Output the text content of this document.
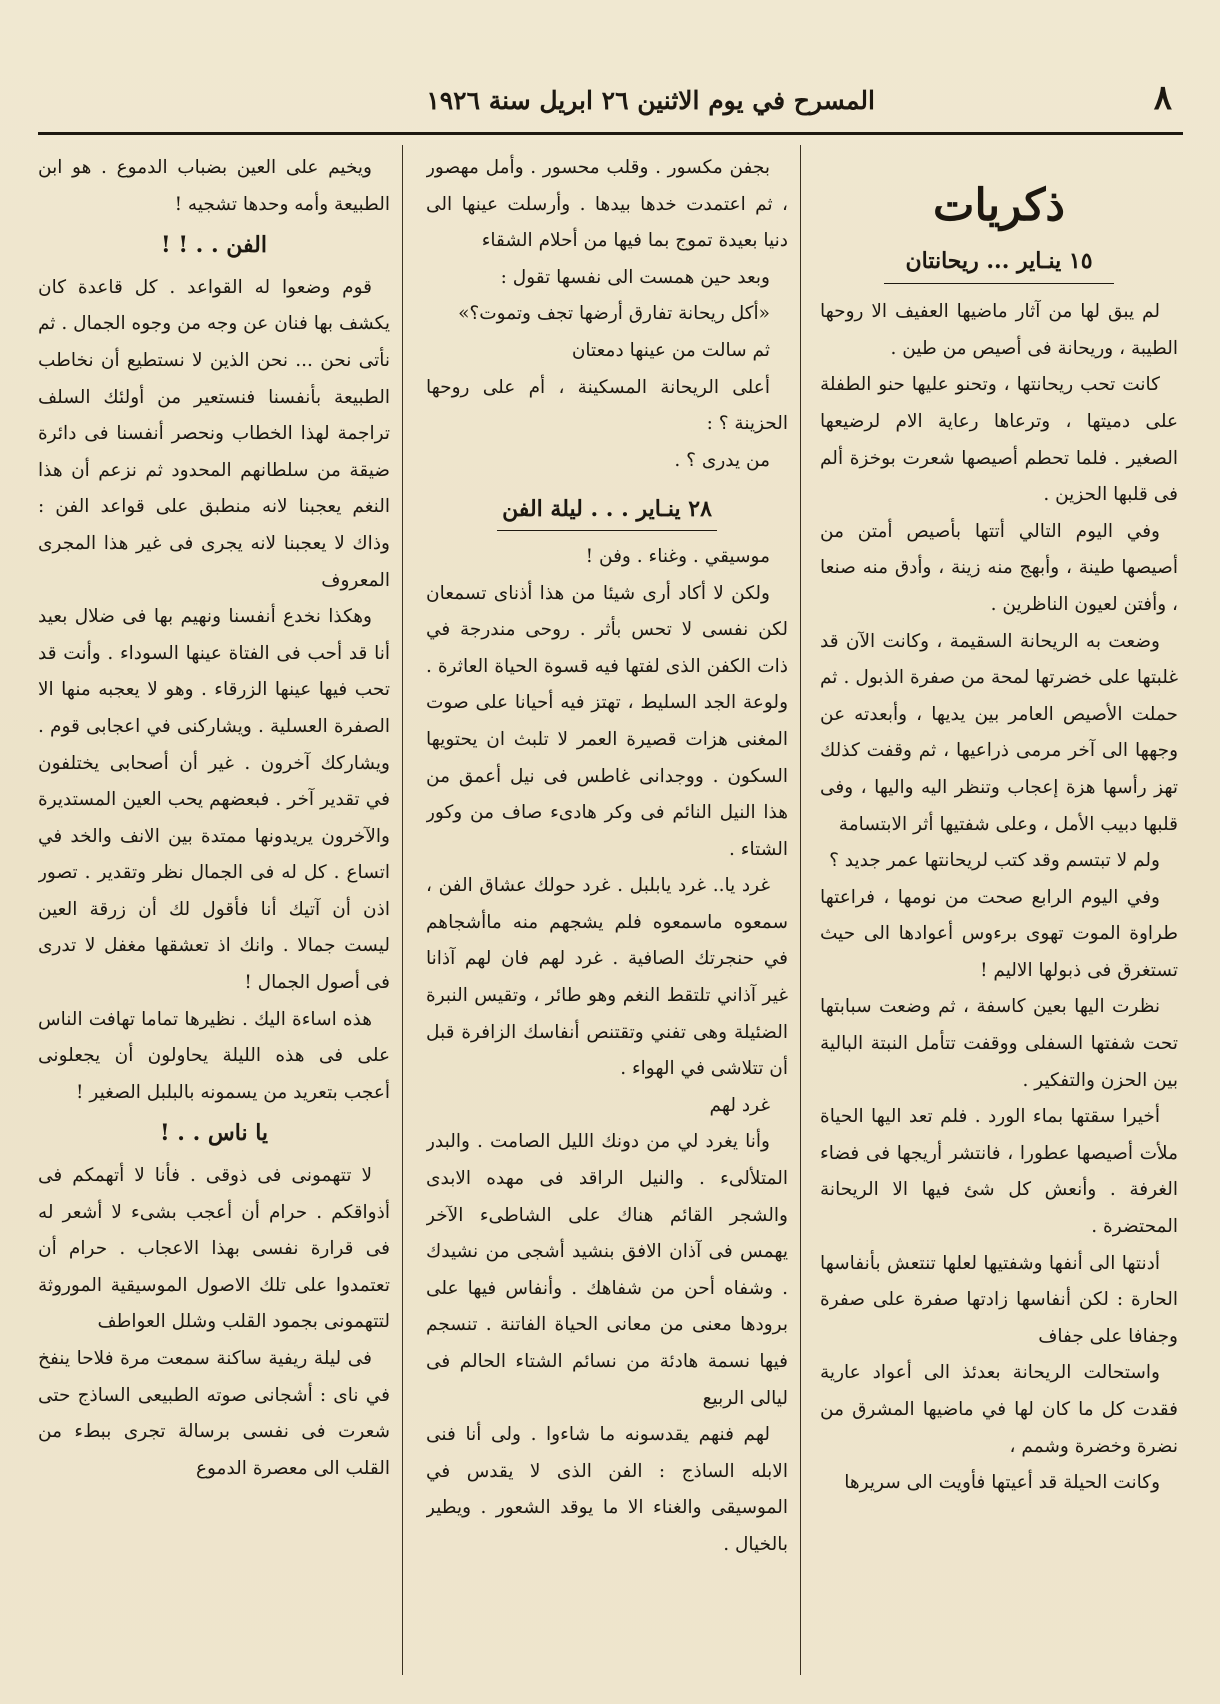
٨
المسرح في يوم الاثنين ٢٦ ابريل سنة ١٩٢٦
ذكريات
١٥ ينـاير ... ريحانتان

لم يبق لها من آثار ماضيها العفيف الا روحها الطيبة ، وريحانة فى أصيص من طين .

كانت تحب ريحانتها ، وتحنو عليها حنو الطفلة على دميتها ، وترعاها رعاية الام لرضيعها الصغير . فلما تحطم أصيصها شعرت بوخزة ألم فى قلبها الحزين .

وفي اليوم التالي أتتها بأصيص أمتن من أصيصها طينة ، وأبهج منه زينة ، وأدق منه صنعا ، وأفتن لعيون الناظرين .

وضعت به الريحانة السقيمة ، وكانت الآن قد غلبتها على خضرتها لمحة من صفرة الذبول . ثم حملت الأصيص العامر بين يديها ، وأبعدته عن وجهها الى آخر مرمى ذراعيها ، ثم وقفت كذلك تهز رأسها هزة إعجاب وتنظر اليه واليها ، وفى قلبها دبيب الأمل ، وعلى شفتيها أثر الابتسامة

ولم لا تبتسم وقد كتب لريحانتها عمر جديد ؟

وفي اليوم الرابع صحت من نومها ، فراعتها طراوة الموت تهوى برءوس أعوادها الى حيث تستغرق فى ذبولها الاليم !

نظرت اليها بعين كاسفة ، ثم وضعت سبابتها تحت شفتها السفلى ووقفت تتأمل النبتة البالية بين الحزن والتفكير .

أخيرا سقتها بماء الورد . فلم تعد اليها الحياة ملأت أصيصها عطورا ، فانتشر أريجها فى فضاء الغرفة . وأنعش كل شئ فيها الا الريحانة المحتضرة .

أدنتها الى أنفها وشفتيها لعلها تنتعش بأنفاسها الحارة : لكن أنفاسها زادتها صفرة على صفرة وجفافا على جفاف

واستحالت الريحانة بعدئذ الى أعواد عارية فقدت كل ما كان لها في ماضيها المشرق من نضرة وخضرة وشمم ،

وكانت الحيلة قد أعيتها فأويت الى سريرها

بجفن مكسور . وقلب محسور . وأمل مهصور ، ثم اعتمدت خدها بيدها . وأرسلت عينها الى دنيا بعيدة تموج بما فيها من أحلام الشقاء

وبعد حين همست الى نفسها تقول :

«أكل ريحانة تفارق أرضها تجف وتموت؟»

ثم سالت من عينها دمعتان

أعلى الريحانة المسكينة ، أم على روحها الحزينة ؟ :

من يدرى ؟ .

٢٨ ينـاير . . . ليلة الفن

موسيقي . وغناء . وفن !

ولكن لا أكاد أرى شيئا من هذا أذناى تسمعان لكن نفسى لا تحس بأثر . روحى مندرجة في ذات الكفن الذى لفتها فيه قسوة الحياة العاثرة . ولوعة الجد السليط ، تهتز فيه أحيانا على صوت المغنى هزات قصيرة العمر لا تلبث ان يحتويها السكون . ووجدانى غاطس فى نيل أعمق من هذا النيل النائم فى وكر هادىء صاف من وكور الشتاء .

غرد يا.. غرد يابلبل . غرد حولك عشاق الفن ، سمعوه ماسمعوه فلم يشجهم منه ماأشجاهم في حنجرتك الصافية . غرد لهم فان لهم آذانا غير آذاني تلتقط النغم وهو طائر ، وتقيس النبرة الضئيلة وهى تفني وتقتنص أنفاسك الزافرة قبل أن تتلاشى في الهواء .

غرد لهم

وأنا يغرد لي من دونك الليل الصامت . والبدر المتلألىء . والنيل الراقد فى مهده الابدى والشجر القائم هناك على الشاطىء الآخر يهمس فى آذان الافق بنشيد أشجى من نشيدك . وشفاه أحن من شفاهك . وأنفاس فيها على برودها معنى من معانى الحياة الفاتنة . تنسجم فيها نسمة هادئة من نسائم الشتاء الحالم فى ليالى الربيع

لهم فنهم يقدسونه ما شاءوا . ولى أنا فنى الابله الساذج : الفن الذى لا يقدس في الموسيقى والغناء الا ما يوقد الشعور . ويطير بالخيال .

ويخيم على العين بضباب الدموع . هو ابن الطبيعة وأمه وحدها تشجيه !

الفن . . ! !

قوم وضعوا له القواعد . كل قاعدة كان يكشف بها فنان عن وجه من وجوه الجمال . ثم نأتى نحن ... نحن الذين لا نستطيع أن نخاطب الطبيعة بأنفسنا فنستعير من أولئك السلف تراجمة لهذا الخطاب ونحصر أنفسنا فى دائرة ضيقة من سلطانهم المحدود ثم نزعم أن هذا النغم يعجبنا لانه منطبق على قواعد الفن : وذاك لا يعجبنا لانه يجرى فى غير هذا المجرى المعروف

وهكذا نخدع أنفسنا ونهيم بها فى ضلال بعيد أنا قد أحب فى الفتاة عينها السوداء . وأنت قد تحب فيها عينها الزرقاء . وهو لا يعجبه منها الا الصفرة العسلية . ويشاركنى في اعجابى قوم . ويشاركك آخرون . غير أن أصحابى يختلفون في تقدير آخر . فبعضهم يحب العين المستديرة والآخرون يريدونها ممتدة بين الانف والخد في اتساع . كل له فى الجمال نظر وتقدير . تصور اذن أن آتيك أنا فأقول لك أن زرقة العين ليست جمالا . وانك اذ تعشقها مغفل لا تدرى فى أصول الجمال !

هذه اساءة اليك . نظيرها تماما تهافت الناس على فى هذه الليلة يحاولون أن يجعلونى أعجب بتعريد من يسمونه بالبلبل الصغير !

يا ناس . . !

لا تتهمونى فى ذوقى . فأنا لا أتهمكم فى أذواقكم . حرام أن أعجب بشىء لا أشعر له فى قرارة نفسى بهذا الاعجاب . حرام أن تعتمدوا على تلك الاصول الموسيقية الموروثة لتتهمونى بجمود القلب وشلل العواطف

فى ليلة ريفية ساكنة سمعت مرة فلاحا ينفخ في ناى : أشجانى صوته الطبيعى الساذج حتى شعرت فى نفسى برسالة تجرى ببطء من القلب الى معصرة الدموع
